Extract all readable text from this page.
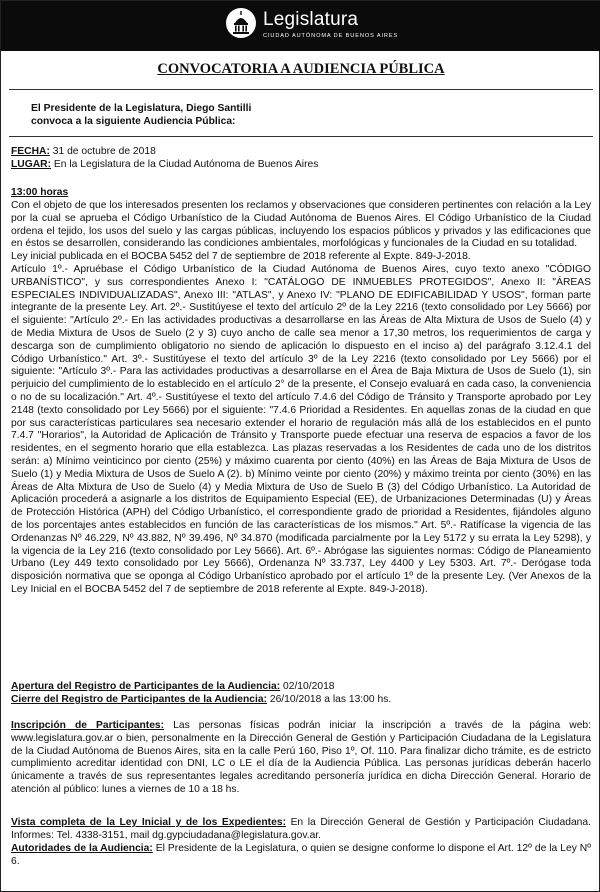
Legislatura
CIUDAD AUTÓNOMA DE BUENOS AIRES
CONVOCATORIA A AUDIENCIA PÚBLICA
El Presidente de la Legislatura, Diego Santilli
convoca a la siguiente Audiencia Pública:
FECHA: 31 de octubre de 2018
LUGAR: En la Legislatura de la Ciudad Autónoma de Buenos Aires
13:00 horas
Con el objeto de que los interesados presenten los reclamos y observaciones que consideren pertinentes con relación a la Ley por la cual se aprueba el Código Urbanístico de la Ciudad Autónoma de Buenos Aires. El Código Urbanístico de la Ciudad ordena el tejido, los usos del suelo y las cargas públicas, incluyendo los espacios públicos y privados y las edificaciones que en éstos se desarrollen, considerando las condiciones ambientales, morfológicas y funcionales de la Ciudad en su totalidad.
Ley inicial publicada en el BOCBA 5452 del 7 de septiembre de 2018 referente al Expte. 849-J-2018.
Artículo 1º.- Apruébase el Código Urbanístico de la Ciudad Autónoma de Buenos Aires, cuyo texto anexo "CÓDIGO URBANÍSTICO", y sus correspondientes Anexo I: "CATÁLOGO DE INMUEBLES PROTEGIDOS", Anexo II: "ÁREAS ESPECIALES INDIVIDUALIZADAS", Anexo III: "ATLAS", y Anexo IV: "PLANO DE EDIFICABILIDAD Y USOS", forman parte integrante de la presente Ley. Art. 2º.- Sustitúyese el texto del artículo 2º de la Ley 2216 (texto consolidado por Ley 5666) por el siguiente: "Artículo 2º.- En las actividades productivas a desarrollarse en las Áreas de Alta Mixtura de Usos de Suelo (4) y de Media Mixtura de Usos de Suelo (2 y 3) cuyo ancho de calle sea menor a 17,30 metros, los requerimientos de carga y descarga son de cumplimiento obligatorio no siendo de aplicación lo dispuesto en el inciso a) del parágrafo 3.12.4.1 del Código Urbanístico." Art. 3º.- Sustitúyese el texto del artículo 3º de la Ley 2216 (texto consolidado por Ley 5666) por el siguiente: "Artículo 3º.- Para las actividades productivas a desarrollarse en el Área de Baja Mixtura de Usos de Suelo (1), sin perjuicio del cumplimiento de lo establecido en el artículo 2° de la presente, el Consejo evaluará en cada caso, la conveniencia o no de su localización." Art. 4º.- Sustitúyese el texto del artículo 7.4.6 del Código de Tránsito y Transporte aprobado por Ley 2148 (texto consolidado por Ley 5666) por el siguiente: "7.4.6 Prioridad a Residentes. En aquellas zonas de la ciudad en que por sus características particulares sea necesario extender el horario de regulación más allá de los establecidos en el punto 7.4.7 "Horarios", la Autoridad de Aplicación de Tránsito y Transporte puede efectuar una reserva de espacios a favor de los residentes, en el segmento horario que ella establezca. Las plazas reservadas a los Residentes de cada uno de los distritos serán: a) Mínimo veinticinco por ciento (25%) y máximo cuarenta por ciento (40%) en las Áreas de Baja Mixtura de Usos de Suelo (1) y Media Mixtura de Usos de Suelo A (2). b) Mínimo veinte por ciento (20%) y máximo treinta por ciento (30%) en las Áreas de Alta Mixtura de Uso de Suelo (4) y Media Mixtura de Uso de Suelo B (3) del Código Urbanístico. La Autoridad de Aplicación procederá a asignarle a los distritos de Equipamiento Especial (EE), de Urbanizaciones Determinadas (U) y Áreas de Protección Histórica (APH) del Código Urbanístico, el correspondiente grado de prioridad a Residentes, fijándoles alguno de los porcentajes antes establecidos en función de las características de los mismos." Art. 5º.- Ratifícase la vigencia de las Ordenanzas Nº 46.229, Nº 43.882, Nº 39.496, Nº 34.870 (modificada parcialmente por la Ley 5172 y su errata la Ley 5298), y la vigencia de la Ley 216 (texto consolidado por Ley 5666). Art. 6º.- Abrógase las siguientes normas: Código de Planeamiento Urbano (Ley 449 texto consolidado por Ley 5666), Ordenanza Nº 33.737, Ley 4400 y Ley 5303. Art. 7º.- Derógase toda disposición normativa que se oponga al Código Urbanístico aprobado por el artículo 1º de la presente Ley. (Ver Anexos de la Ley Inicial en el BOCBA 5452 del 7 de septiembre de 2018 referente al Expte. 849-J-2018).
Apertura del Registro de Participantes de la Audiencia: 02/10/2018
Cierre del Registro de Participantes de la Audiencia: 26/10/2018 a las 13:00 hs.
Inscripción de Participantes: Las personas físicas podrán iniciar la inscripción a través de la página web: www.legislatura.gov.ar o bien, personalmente en la Dirección General de Gestión y Participación Ciudadana de la Legislatura de la Ciudad Autónoma de Buenos Aires, sita en la calle Perú 160, Piso 1º, Of. 110. Para finalizar dicho trámite, es de estricto cumplimiento acreditar identidad con DNI, LC o LE el día de la Audiencia Pública. Las personas jurídicas deberán hacerlo únicamente a través de sus representantes legales acreditando personería jurídica en dicha Dirección General. Horario de atención al público: lunes a viernes de 10 a 18 hs.
Vista completa de la Ley Inicial y de los Expedientes: En la Dirección General de Gestión y Participación Ciudadana. Informes: Tel. 4338-3151, mail dg.gypciudadana@legislatura.gov.ar.
Autoridades de la Audiencia: El Presidente de la Legislatura, o quien se designe conforme lo dispone el Art. 12º de la Ley Nº 6.
